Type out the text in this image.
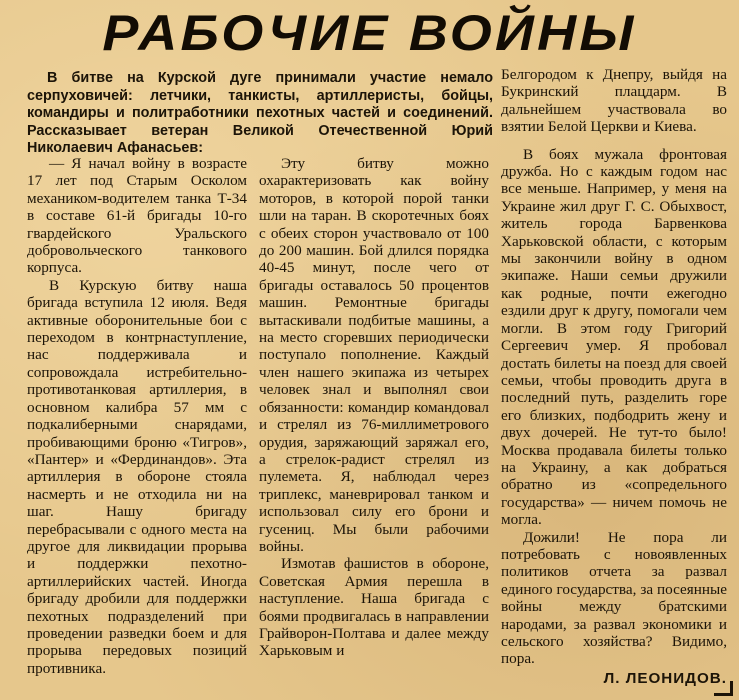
РАБОЧИЕ ВОЙНЫ

В битве на Курской дуге принимали участие немало серпуховичей: летчики, танкисты, артиллеристы, бойцы, командиры и политработники пехотных частей и соединений. Рассказывает ветеран Великой Отечественной Юрий Николаевич Афанасьев:

— Я начал войну в возрасте 17 лет под Старым Осколом механиком-водителем танка Т-34 в составе 61-й бригады 10-го гвардейского Уральского добровольческого танкового корпуса.

В Курскую битву наша бригада вступила 12 июля. Ведя активные оборонительные бои с переходом в контрнаступление, нас поддерживала и сопровождала истребительно-противотанковая артиллерия, в основном калибра 57 мм с подкалиберными снарядами, пробивающими броню «Тигров», «Пантер» и «Фердинандов». Эта артиллерия в обороне стояла насмерть и не отходила ни на шаг. Нашу бригаду перебрасывали с одного места на другое для ликвидации прорыва и поддержки пехотно-артиллерийских частей. Иногда бригаду дробили для поддержки пехотных подразделений при проведении разведки боем и для прорыва передовых позиций противника.

Эту битву можно охарактеризовать как войну моторов, в которой порой танки шли на таран. В скоротечных боях с обеих сторон участвовало от 100 до 200 машин. Бой длился порядка 40-45 минут, после чего от бригады оставалось 50 процентов машин. Ремонтные бригады вытаскивали подбитые машины, а на место сгоревших периодически поступало пополнение. Каждый член нашего экипажа из четырех человек знал и выполнял свои обязанности: командир командовал и стрелял из 76-миллиметрового орудия, заряжающий заряжал его, а стрелок-радист стрелял из пулемета. Я, наблюдал через триплекс, маневрировал танком и использовал силу его брони и гусениц. Мы были рабочими войны.

Измотав фашистов в обороне, Советская Армия перешла в наступление. Наша бригада с боями продвигалась в направлении Грайворон-Полтава и далее между Харьковым и

Белгородом к Днепру, выйдя на Букринский плацдарм. В дальнейшем участвовала во взятии Белой Церкви и Киева.

В боях мужала фронтовая дружба. Но с каждым годом нас все меньше. Например, у меня на Украине жил друг Г. С. Обыхвост, житель города Барвенкова Харьковской области, с которым мы закончили войну в одном экипаже. Наши семьи дружили как родные, почти ежегодно ездили друг к другу, помогали чем могли. В этом году Григорий Сергеевич умер. Я пробовал достать билеты на поезд для своей семьи, чтобы проводить друга в последний путь, разделить горе его близких, подбодрить жену и двух дочерей. Не тут-то было! Москва продавала билеты только на Украину, а как добраться обратно из «сопредельного государства» — ничем помочь не могла.

Дожили! Не пора ли потребовать с новоявленных политиков отчета за развал единого государства, за посеянные войны между братскими народами, за развал экономики и сельского хозяйства? Видимо, пора.

Л. ЛЕОНИДОВ.
